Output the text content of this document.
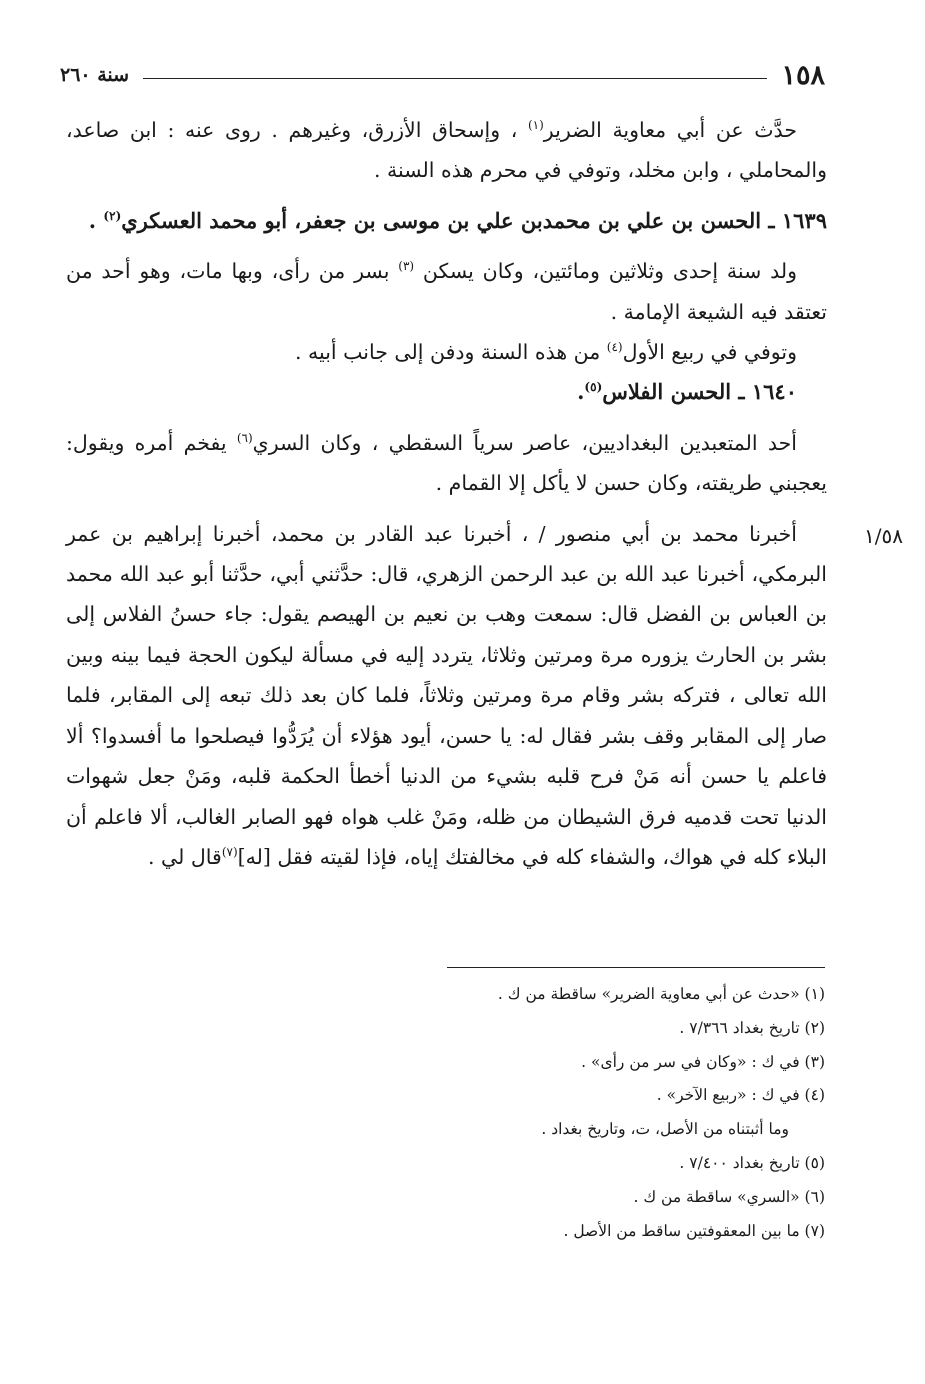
١٥٨
سنة ٢٦٠

حدَّث عن أبي معاوية الضرير$^{(١)}$ ، وإسحاق الأزرق، وغيرهم . روى عنه : ابن صاعد، والمحاملي ، وابن مخلد، وتوفي في محرم هذه السنة .

١٦٣٩ ـ الحسن بن علي بن محمدبن علي بن موسى بن جعفر، أبو محمد العسكري$^{(٢)}$ .

ولد سنة إحدى وثلاثين ومائتين، وكان يسكن $^{(٣)}$ بسر من رأى، وبها مات، وهو أحد من تعتقد فيه الشيعة الإمامة .

وتوفي في ربيع الأول$^{(٤)}$ من هذه السنة ودفن إلى جانب أبيه .

١٦٤٠ ـ الحسن الفلاس$^{(٥)}$.

أحد المتعبدين البغداديين، عاصر سرياً السقطي ، وكان السري$^{(٦)}$ يفخم أمره ويقول: يعجبني طريقته، وكان حسن لا يأكل إلا القمام .

أخبرنا محمد بن أبي منصور / ، أخبرنا عبد القادر بن محمد، أخبرنا إبراهيم بن عمر البرمكي، أخبرنا عبد الله بن عبد الرحمن الزهري، قال: حدَّثني أبي، حدَّثنا أبو عبد الله محمد بن العباس بن الفضل قال: سمعت وهب بن نعيم بن الهيصم يقول: جاء حسنُ الفلاس إلى بشر بن الحارث يزوره مرة ومرتين وثلاثا، يتردد إليه في مسألة ليكون الحجة فيما بينه وبين الله تعالى ، فتركه بشر وقام مرة ومرتين وثلاثاً، فلما كان بعد ذلك تبعه إلى المقابر، فلما صار إلى المقابر وقف بشر فقال له: يا حسن، أيود هؤلاء أن يُرَدُّوا فيصلحوا ما أفسدوا؟ ألا فاعلم يا حسن أنه مَنْ فرح قلبه بشيء من الدنيا أخطأ الحكمة قلبه، ومَنْ جعل شهوات الدنيا تحت قدميه فرق الشيطان من ظله، ومَنْ غلب هواه فهو الصابر الغالب، ألا فاعلم أن البلاء كله في هواك، والشفاء كله في مخالفتك إياه، فإذا لقيته فقل [له]$^{(٧)}$قال لي .

١/٥٨
(١) «حدث عن أبي معاوية الضرير» ساقطة من ك .
(٢) تاريخ بغداد ٧/٣٦٦ .
(٣) في ك : «وكان في سر من رأى» .
(٤) في ك : «ربيع الآخر» .
وما أثبتناه من الأصل، ت، وتاريخ بغداد .
(٥) تاريخ بغداد ٧/٤٠٠ .
(٦) «السري» ساقطة من ك .
(٧) ما بين المعقوفتين ساقط من الأصل .
